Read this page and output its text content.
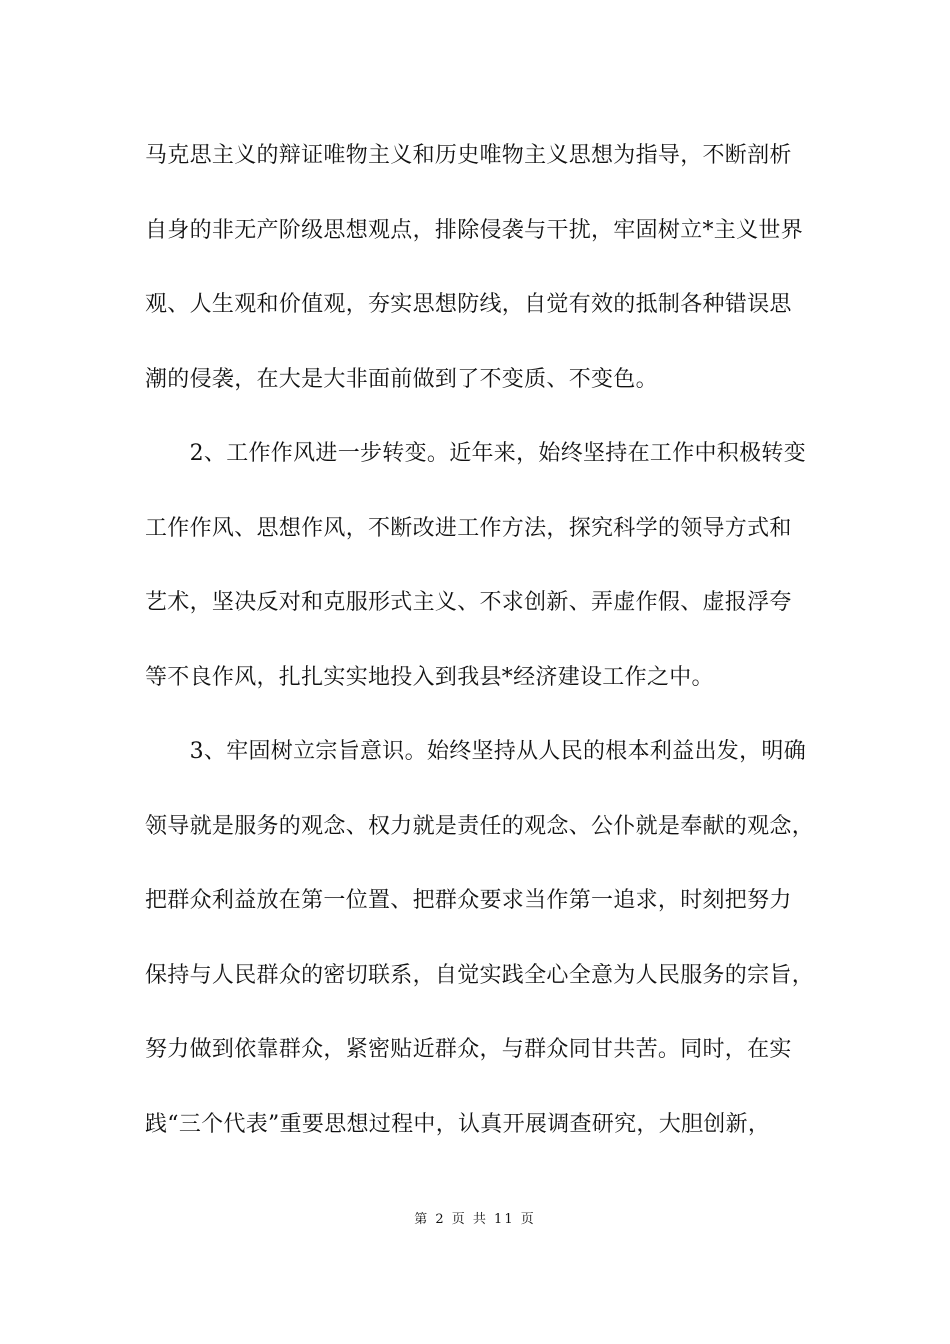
马克思主义的辩证唯物主义和历史唯物主义思想为指导，不断剖析
自身的非无产阶级思想观点，排除侵袭与干扰，牢固树立*主义世界
观、人生观和价值观，夯实思想防线，自觉有效的抵制各种错误思
潮的侵袭，在大是大非面前做到了不变质、不变色。
　　2、工作作风进一步转变。近年来，始终坚持在工作中积极转变
工作作风、思想作风，不断改进工作方法，探究科学的领导方式和
艺术，坚决反对和克服形式主义、不求创新、弄虚作假、虚报浮夸
等不良作风，扎扎实实地投入到我县*经济建设工作之中。
　　3、牢固树立宗旨意识。始终坚持从人民的根本利益出发，明确
领导就是服务的观念、权力就是责任的观念、公仆就是奉献的观念，
把群众利益放在第一位置、把群众要求当作第一追求，时刻把努力
保持与人民群众的密切联系，自觉实践全心全意为人民服务的宗旨，
努力做到依靠群众，紧密贴近群众，与群众同甘共苦。同时，在实
践“三个代表”重要思想过程中，认真开展调查研究，大胆创新，
第 2 页 共 11 页
